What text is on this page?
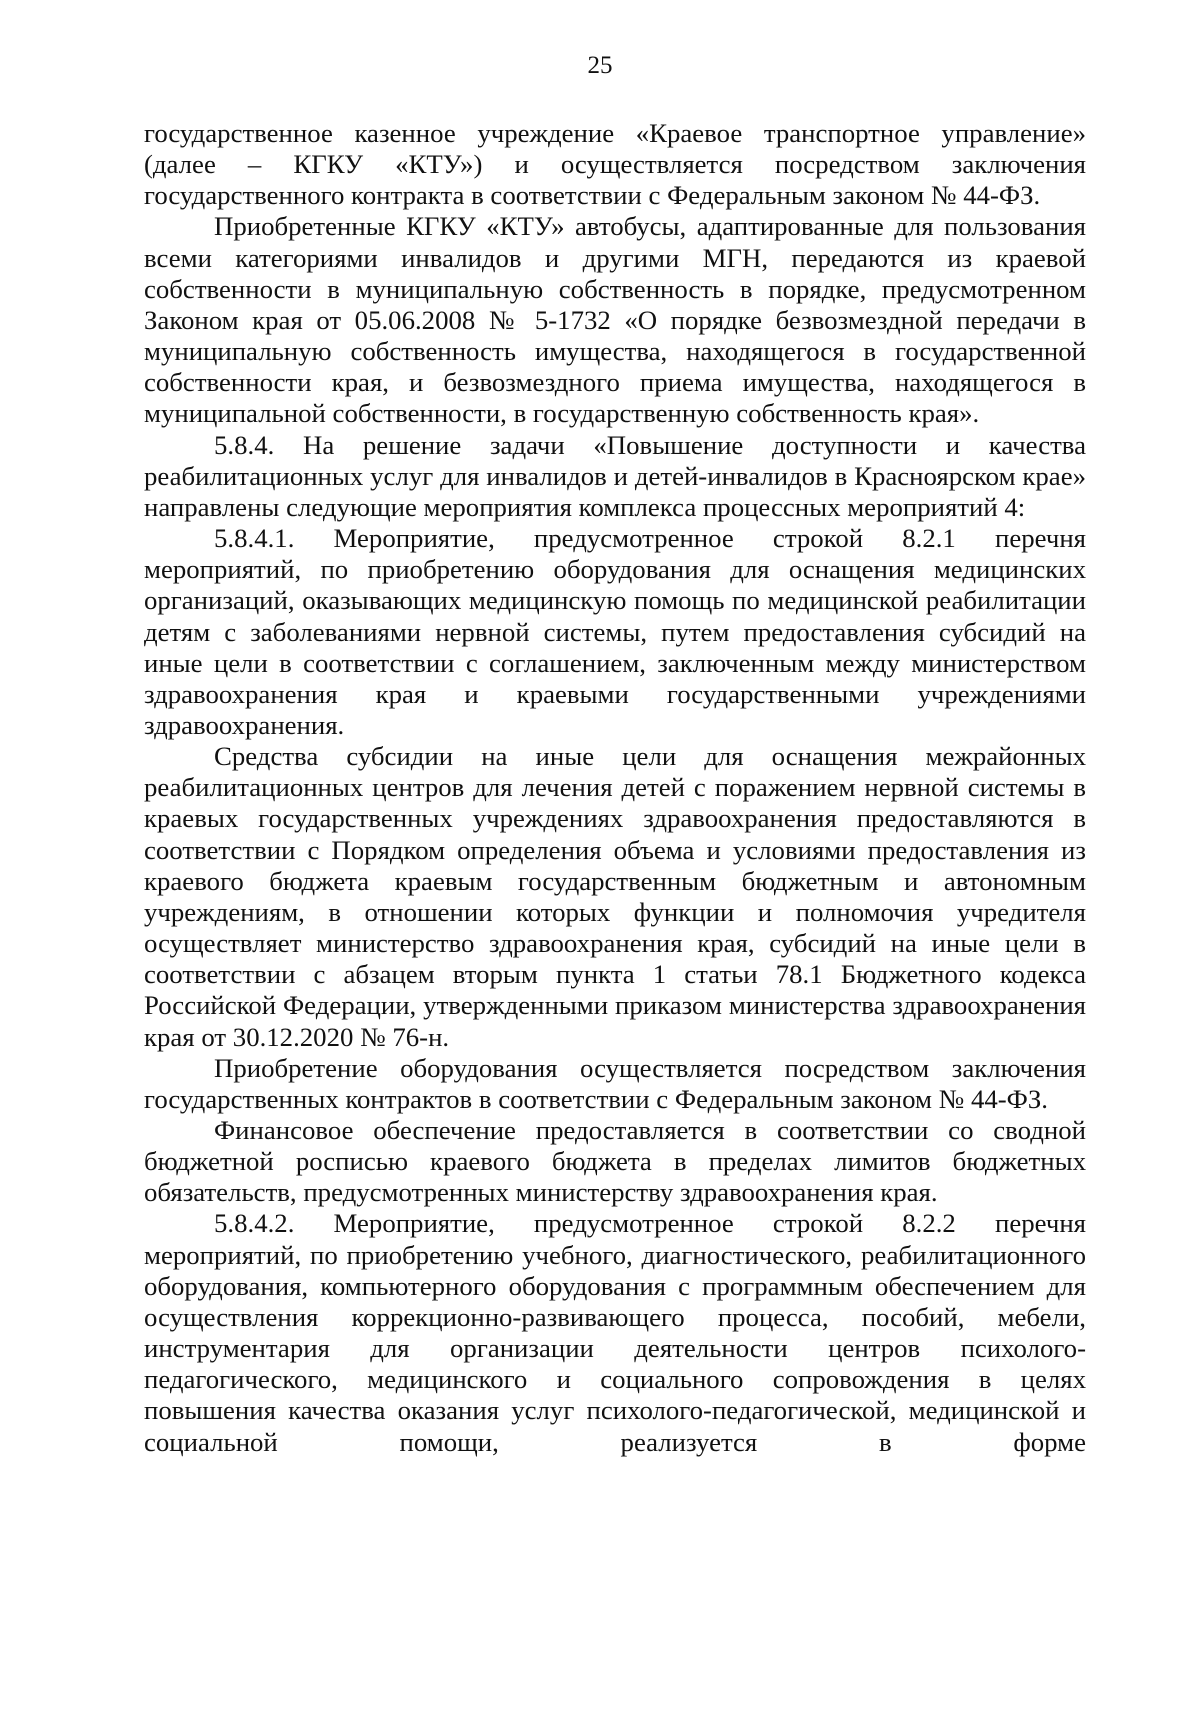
25

государственное казенное учреждение «Краевое транспортное управление» (далее – КГКУ «КТУ») и осуществляется посредством заключения государственного контракта в соответствии с Федеральным законом № 44-ФЗ.

Приобретенные КГКУ «КТУ» автобусы, адаптированные для пользования всеми категориями инвалидов и другими МГН, передаются из краевой собственности в муниципальную собственность в порядке, предусмотренном Законом края от 05.06.2008 № 5-1732 «О порядке безвозмездной передачи в муниципальную собственность имущества, находящегося в государственной собственности края, и безвозмездного приема имущества, находящегося в муниципальной собственности, в государственную собственность края».

5.8.4. На решение задачи «Повышение доступности и качества реабилитационных услуг для инвалидов и детей-инвалидов в Красноярском крае» направлены следующие мероприятия комплекса процессных мероприятий 4:

5.8.4.1. Мероприятие, предусмотренное строкой 8.2.1 перечня мероприятий, по приобретению оборудования для оснащения медицинских организаций, оказывающих медицинскую помощь по медицинской реабилитации детям с заболеваниями нервной системы, путем предоставления субсидий на иные цели в соответствии с соглашением, заключенным между министерством здравоохранения края и краевыми государственными учреждениями здравоохранения.

Средства субсидии на иные цели для оснащения межрайонных реабилитационных центров для лечения детей с поражением нервной системы в краевых государственных учреждениях здравоохранения предоставляются в соответствии с Порядком определения объема и условиями предоставления из краевого бюджета краевым государственным бюджетным и автономным учреждениям, в отношении которых функции и полномочия учредителя осуществляет министерство здравоохранения края, субсидий на иные цели в соответствии с абзацем вторым пункта 1 статьи 78.1 Бюджетного кодекса Российской Федерации, утвержденными приказом министерства здравоохранения края от 30.12.2020 № 76-н.

Приобретение оборудования осуществляется посредством заключения государственных контрактов в соответствии с Федеральным законом № 44-ФЗ.

Финансовое обеспечение предоставляется в соответствии со сводной бюджетной росписью краевого бюджета в пределах лимитов бюджетных обязательств, предусмотренных министерству здравоохранения края.

5.8.4.2. Мероприятие, предусмотренное строкой 8.2.2 перечня мероприятий, по приобретению учебного, диагностического, реабилитационного оборудования, компьютерного оборудования с программным обеспечением для осуществления коррекционно-развивающего процесса, пособий, мебели, инструментария для организации деятельности центров психолого-педагогического, медицинского и социального сопровождения в целях повышения качества оказания услуг психолого-педагогической, медицинской и социальной помощи, реализуется в форме
